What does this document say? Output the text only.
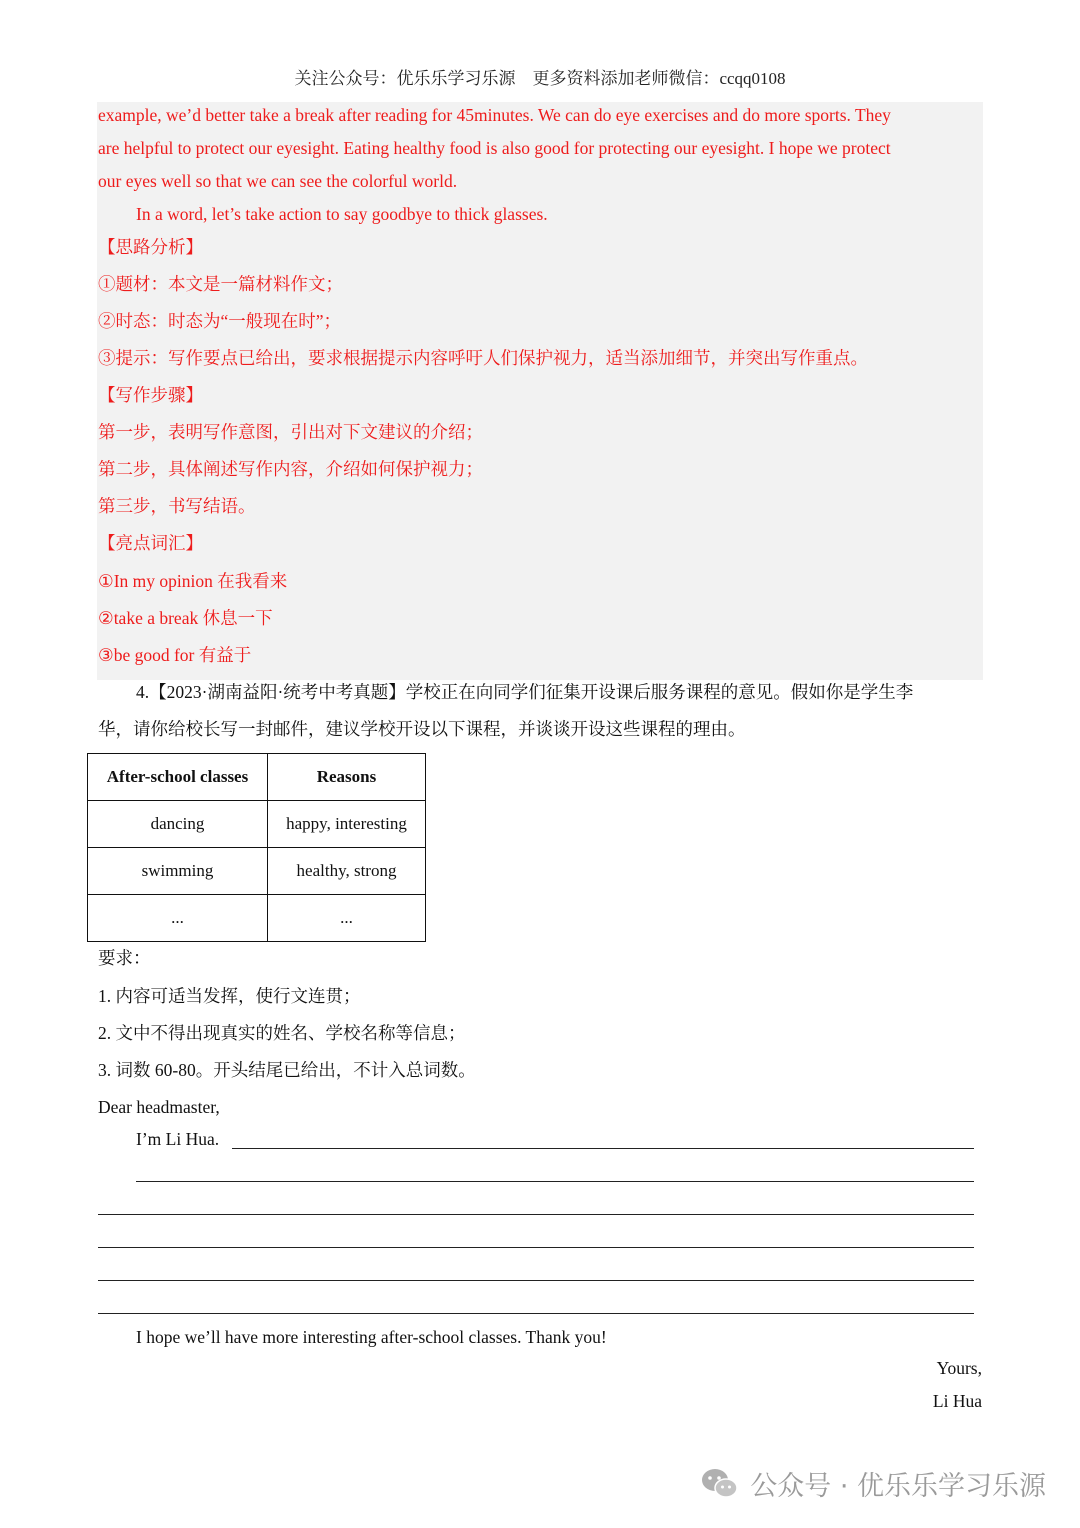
关注公众号：优乐乐学习乐源　更多资料添加老师微信：ccqq0108
example, we’d better take a break after reading for 45minutes. We can do eye exercises and do more sports. They
are helpful to protect our eyesight. Eating healthy food is also good for protecting our eyesight. I hope we protect
our eyes well so that we can see the colorful world.
In a word, let’s take action to say goodbye to thick glasses.
【思路分析】
①题材：本文是一篇材料作文；
②时态：时态为“一般现在时”；
③提示：写作要点已给出，要求根据提示内容呼吁人们保护视力，适当添加细节，并突出写作重点。
【写作步骤】
第一步，表明写作意图，引出对下文建议的介绍；
第二步，具体阐述写作内容，介绍如何保护视力；
第三步，书写结语。
【亮点词汇】
①In my opinion 在我看来
②take a break 休息一下
③be good for 有益于
4.【2023·湖南益阳·统考中考真题】学校正在向同学们征集开设课后服务课程的意见。假如你是学生李
华，请你给校长写一封邮件，建议学校开设以下课程，并谈谈开设这些课程的理由。
After-school classes	Reasons
dancing	happy, interesting
swimming	healthy, strong
...	...
要求：
1. 内容可适当发挥，使行文连贯；
2. 文中不得出现真实的姓名、学校名称等信息；
3. 词数 60-80。开头结尾已给出，不计入总词数。
Dear headmaster,
I’m Li Hua.
I hope we’ll have more interesting after-school classes. Thank you!
Yours,
Li Hua
公众号 · 优乐乐学习乐源
